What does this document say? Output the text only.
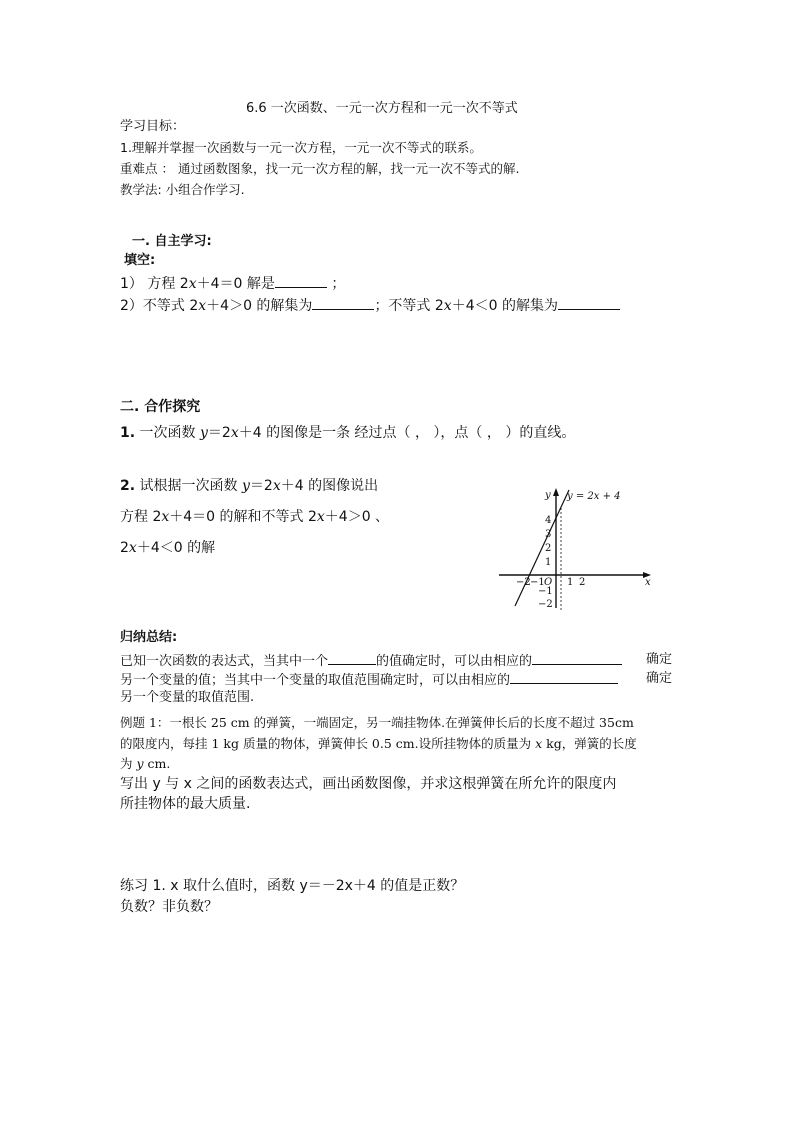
6.6 一次函数、一元一次方程和一元一次不等式
学习目标：
1.理解并掌握一次函数与一元一次方程，一元一次不等式的联系。
重难点 ： 通过函数图象，找一元一次方程的解，找一元一次不等式的解.
教学法: 小组合作学习.
一. 自主学习:
填空:
1） 方程 2x＋4＝0 解是	；
2）不等式 2x＋4＞0 的解集为	；不等式 2x＋4＜0 的解集为
二. 合作探究
1. 一次函数 y＝2x＋4 的图像是一条 经过点（ ， ），点（ ， ）的直线。
2. 试根据一次函数 y＝2x＋4 的图像说出
方程 2x＋4＝0 的解和不等式 2x＋4＞0 、
2x＋4＜0 的解
y y = 2x + 4
4
3
2
1
−2 −1 O 1 2	x
−1
−2
归纳总结:
已知一次函数的表达式，当其中一个	的值确定时，可以由相应的	确定
另一个变量的值；当其中一个变量的取值范围确定时，可以由相应的	确定
另一个变量的取值范围.
例题 1：一根长 25 cm 的弹簧，一端固定，另一端挂物体.在弹簧伸长后的长度不超过 35cm
的限度内，每挂 1 kg 质量的物体，弹簧伸长 0.5 cm.设所挂物体的质量为 x kg，弹簧的长度
为 y cm.
写出 y 与 x 之间的函数表达式，画出函数图像，并求这根弹簧在所允许的限度内
所挂物体的最大质量.
练习 1. x 取什么值时，函数 y＝－2x＋4 的值是正数？
负数？非负数？
